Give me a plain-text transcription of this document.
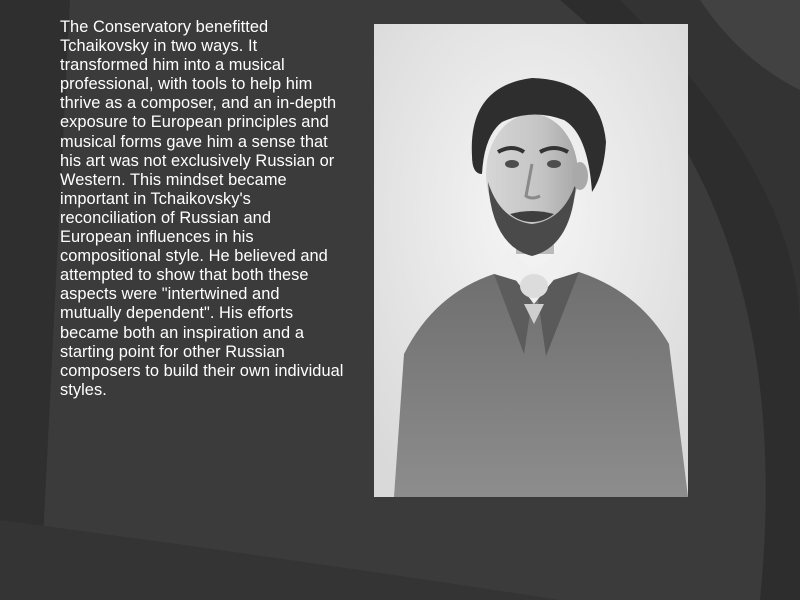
The Conservatory benefitted Tchaikovsky in two ways. It transformed him into a musical professional, with tools to help him thrive as a composer, and an in-depth exposure to European principles and musical forms gave him a sense that his art was not exclusively Russian or Western. This mindset became important in Tchaikovsky's reconciliation of Russian and European influences in his compositional style. He believed and attempted to show that both these aspects were "intertwined and mutually dependent". His efforts became both an inspiration and a starting point for other Russian composers to build their own individual styles.
